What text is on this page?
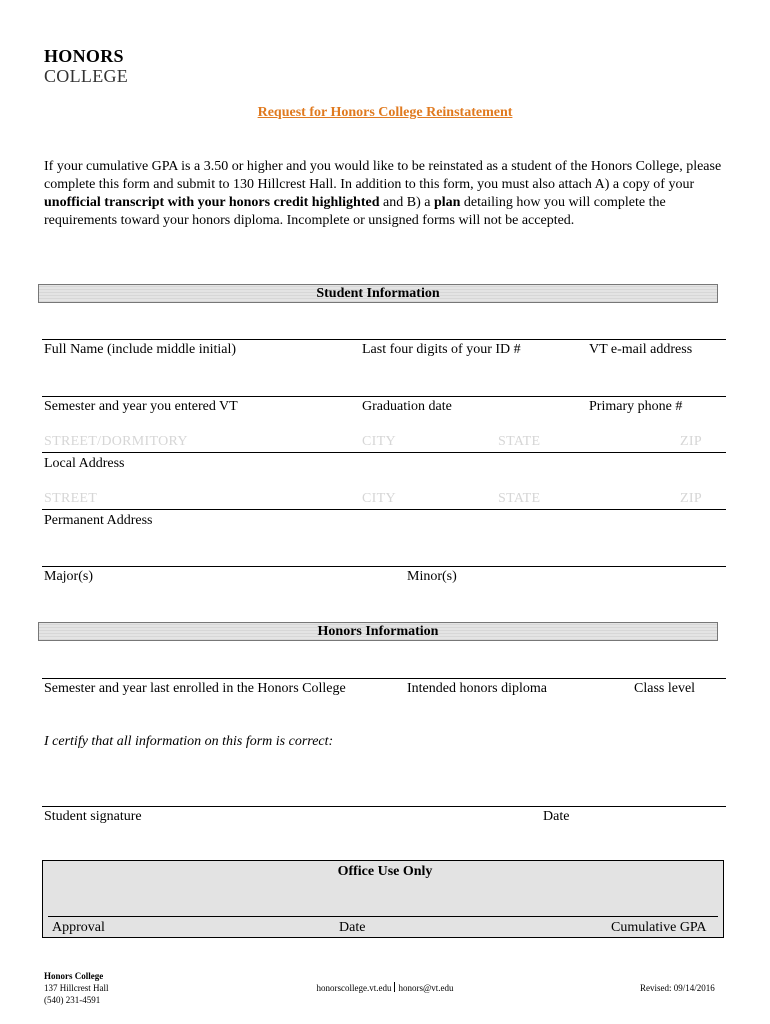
HONORS
COLLEGE
Request for Honors College Reinstatement
If your cumulative GPA is a 3.50 or higher and you would like to be reinstated as a student of the Honors College, please complete this form and submit to 130 Hillcrest Hall. In addition to this form, you must also attach A) a copy of your unofficial transcript with your honors credit highlighted and B) a plan detailing how you will complete the requirements toward your honors diploma. Incomplete or unsigned forms will not be accepted.
Student Information
Full Name (include middle initial)	Last four digits of your ID #	VT e-mail address
Semester and year you entered VT	Graduation date	Primary phone #
STREET/DORMITORY	CITY	STATE	ZIP
Local Address
STREET	CITY	STATE	ZIP
Permanent Address
Major(s)	Minor(s)
Honors Information
Semester and year last enrolled in the Honors College	Intended honors diploma	Class level
I certify that all information on this form is correct:
Student signature	Date
Office Use Only
Approval	Date	Cumulative GPA
Honors College
137 Hillcrest Hall
(540) 231-4591
honorscollege.vt.edu honors@vt.edu	Revised: 09/14/2016
